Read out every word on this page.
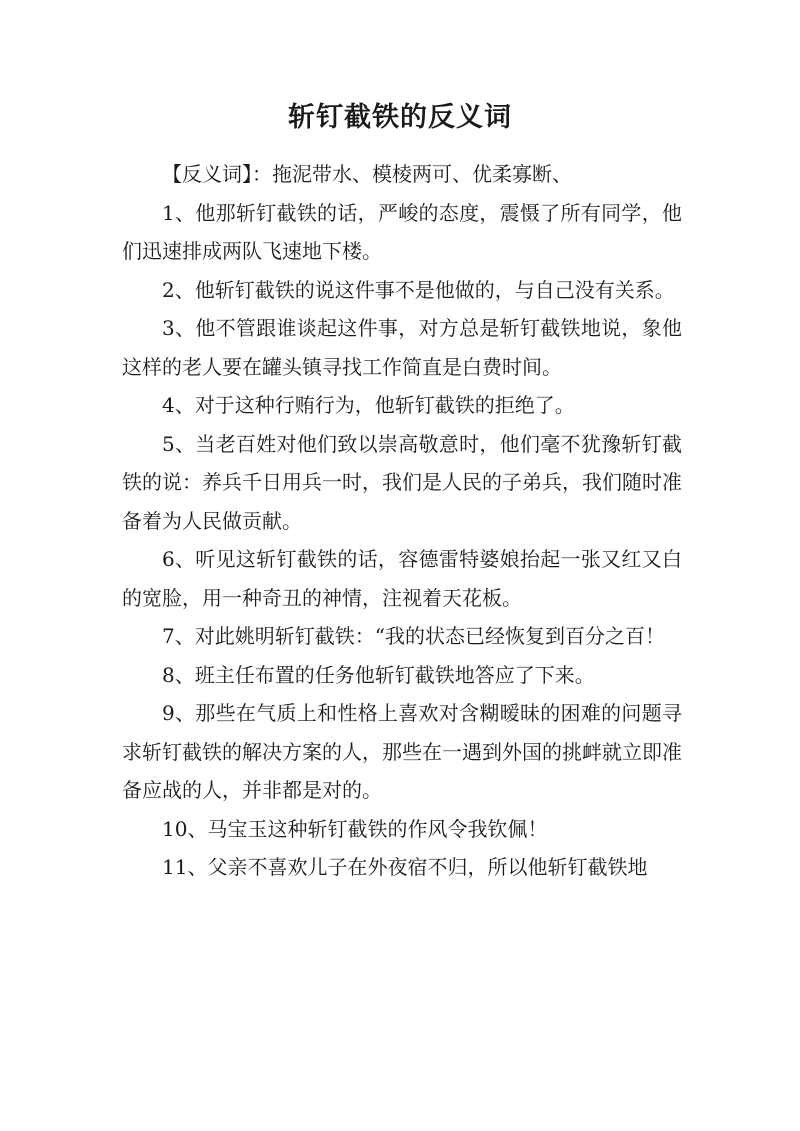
斩钉截铁的反义词

【反义词】：拖泥带水、模棱两可、优柔寡断、

1、他那斩钉截铁的话，严峻的态度，震慑了所有同学，他们迅速排成两队飞速地下楼。

2、他斩钉截铁的说这件事不是他做的，与自己没有关系。

3、他不管跟谁谈起这件事，对方总是斩钉截铁地说，象他这样的老人要在罐头镇寻找工作简直是白费时间。

4、对于这种行贿行为，他斩钉截铁的拒绝了。

5、当老百姓对他们致以崇高敬意时，他们毫不犹豫斩钉截铁的说：养兵千日用兵一时，我们是人民的子弟兵，我们随时准备着为人民做贡献。

6、听见这斩钉截铁的话，容德雷特婆娘抬起一张又红又白的宽脸，用一种奇丑的神情，注视着天花板。

7、对此姚明斩钉截铁：“我的状态已经恢复到百分之百！

8、班主任布置的任务他斩钉截铁地答应了下来。

9、那些在气质上和性格上喜欢对含糊暧昧的困难的问题寻求斩钉截铁的解决方案的人，那些在一遇到外国的挑衅就立即准备应战的人，并非都是对的。

10、马宝玉这种斩钉截铁的作风令我钦佩！

11、父亲不喜欢儿子在外夜宿不归，所以他斩钉截铁地
